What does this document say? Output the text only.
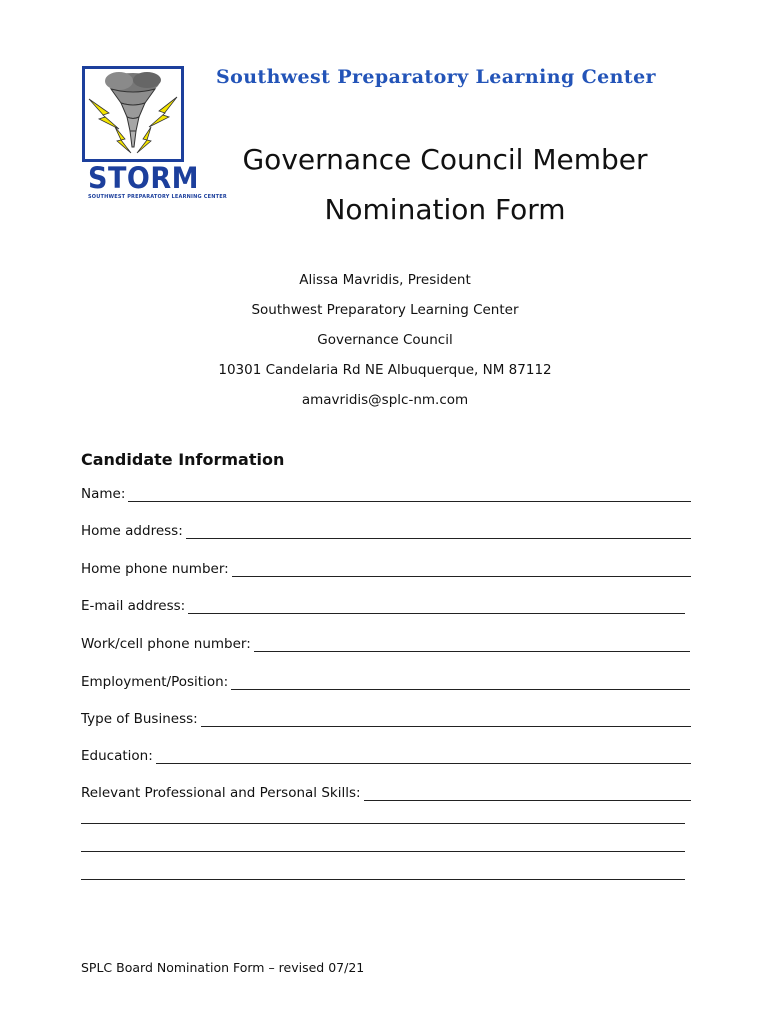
STORM
SOUTHWEST PREPARATORY LEARNING CENTER
Southwest Preparatory Learning Center
Governance Council Member
Nomination Form
Alissa Mavridis, President
Southwest Preparatory Learning Center
Governance Council
10301 Candelaria Rd NE Albuquerque, NM 87112
amavridis@splc-nm.com
Candidate Information
Name:
Home address:
Home phone number:
E-mail address:
Work/cell phone number:
Employment/Position:
Type of Business:
Education:
Relevant Professional and Personal Skills:
SPLC Board Nomination Form – revised 07/21
